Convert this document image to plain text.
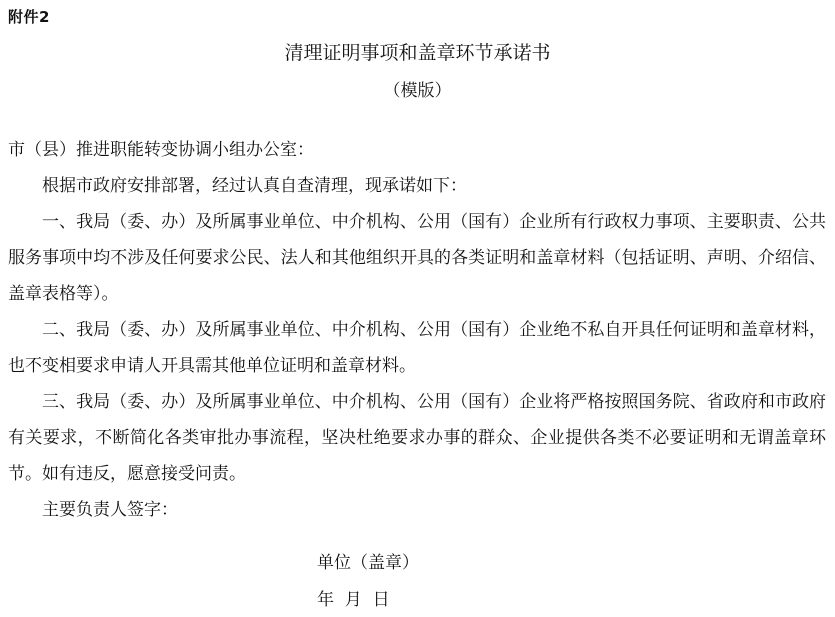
附件2
清理证明事项和盖章环节承诺书
（模版）

市（县）推进职能转变协调小组办公室：

根据市政府安排部署，经过认真自查清理，现承诺如下：

一、我局（委、办）及所属事业单位、中介机构、公用（国有）企业所有行政权力事项、主要职责、公共服务事项中均不涉及任何要求公民、法人和其他组织开具的各类证明和盖章材料（包括证明、声明、介绍信、盖章表格等）。

二、我局（委、办）及所属事业单位、中介机构、公用（国有）企业绝不私自开具任何证明和盖章材料，也不变相要求申请人开具需其他单位证明和盖章材料。

三、我局（委、办）及所属事业单位、中介机构、公用（国有）企业将严格按照国务院、省政府和市政府有关要求，不断简化各类审批办事流程，坚决杜绝要求办事的群众、企业提供各类不必要证明和无谓盖章环节。如有违反，愿意接受问责。

主要负责人签字：

单位（盖章）
年  月  日
